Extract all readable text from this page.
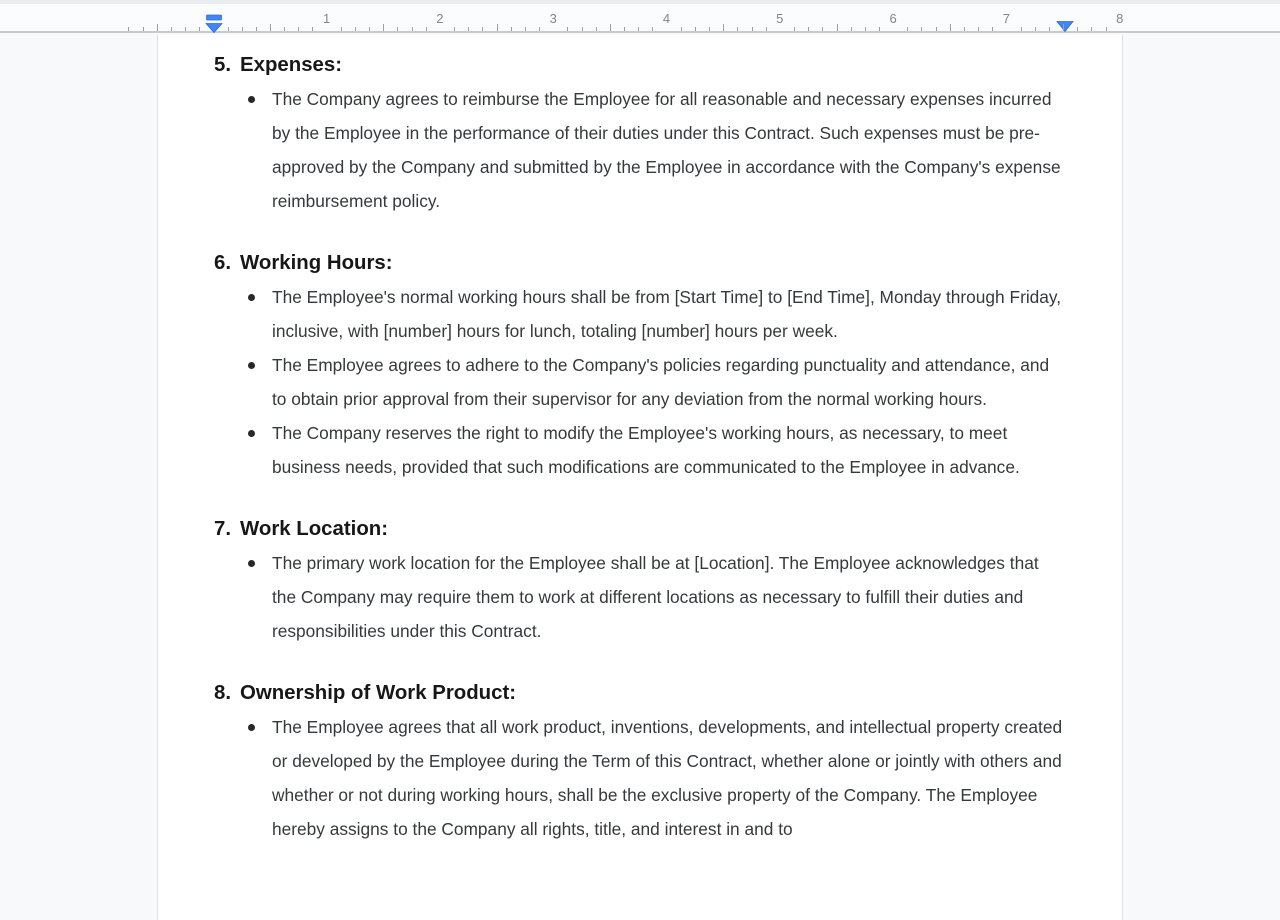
1	2	3	4	5	6	7	8
5. Expenses:
The Company agrees to reimburse the Employee for all reasonable and necessary expenses incurred by the Employee in the performance of their duties under this Contract. Such expenses must be pre-approved by the Company and submitted by the Employee in accordance with the Company's expense reimbursement policy.
6. Working Hours:
The Employee's normal working hours shall be from [Start Time] to [End Time], Monday through Friday, inclusive, with [number] hours for lunch, totaling [number] hours per week.
The Employee agrees to adhere to the Company's policies regarding punctuality and attendance, and to obtain prior approval from their supervisor for any deviation from the normal working hours.
The Company reserves the right to modify the Employee's working hours, as necessary, to meet business needs, provided that such modifications are communicated to the Employee in advance.
7. Work Location:
The primary work location for the Employee shall be at [Location]. The Employee acknowledges that the Company may require them to work at different locations as necessary to fulfill their duties and responsibilities under this Contract.
8. Ownership of Work Product:
The Employee agrees that all work product, inventions, developments, and intellectual property created or developed by the Employee during the Term of this Contract, whether alone or jointly with others and whether or not during working hours, shall be the exclusive property of the Company. The Employee hereby assigns to the Company all rights, title, and interest in and to
